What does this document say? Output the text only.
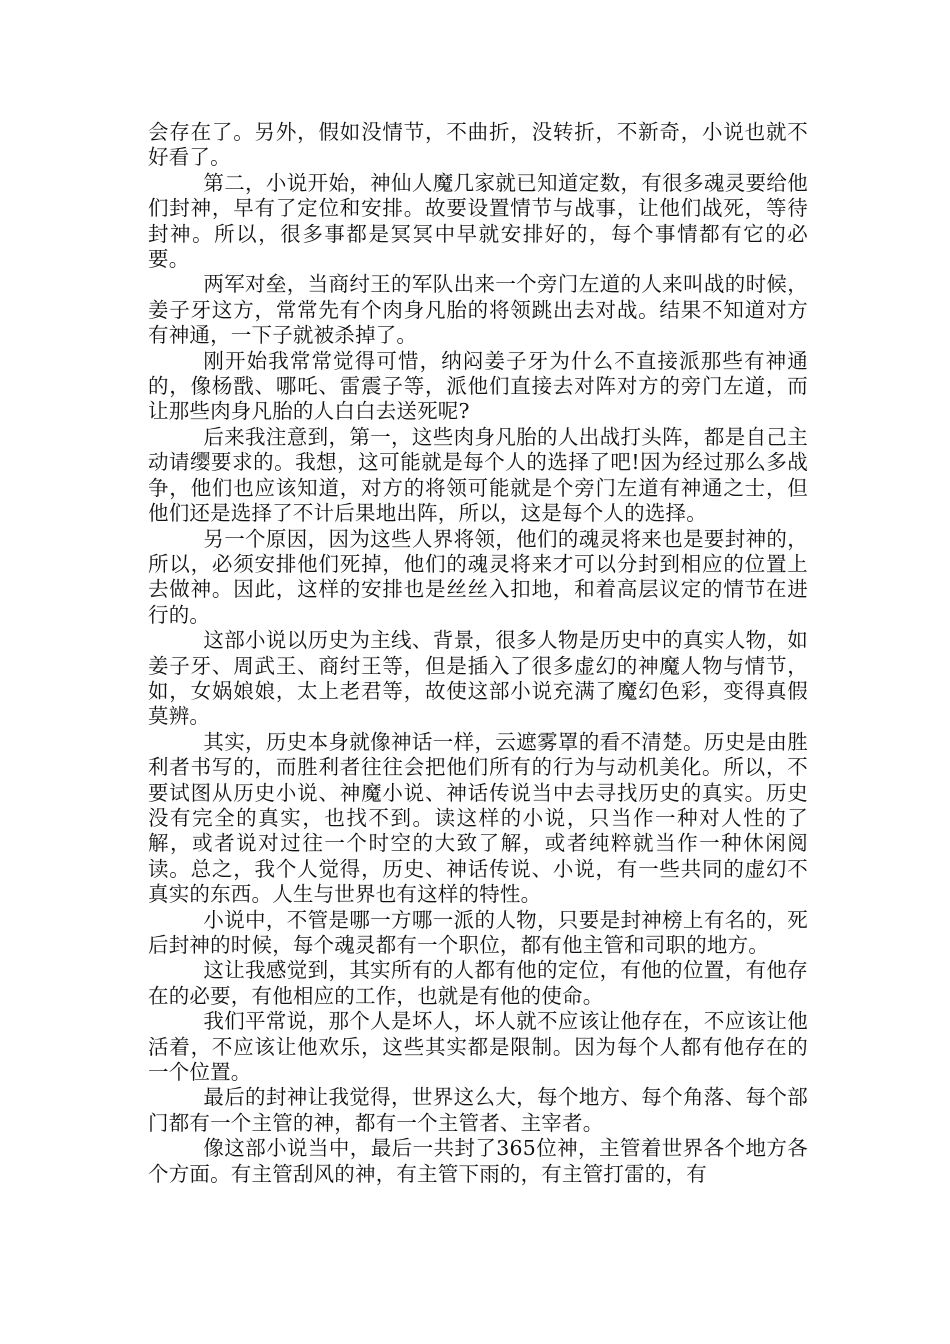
会存在了。另外，假如没情节，不曲折，没转折，不新奇，小说也就不好看了。

第二，小说开始，神仙人魔几家就已知道定数，有很多魂灵要给他们封神，早有了定位和安排。故要设置情节与战事，让他们战死，等待封神。所以，很多事都是冥冥中早就安排好的，每个事情都有它的必要。

两军对垒，当商纣王的军队出来一个旁门左道的人来叫战的时候，姜子牙这方，常常先有个肉身凡胎的将领跳出去对战。结果不知道对方有神通，一下子就被杀掉了。

刚开始我常常觉得可惜，纳闷姜子牙为什么不直接派那些有神通的，像杨戬、哪吒、雷震子等，派他们直接去对阵对方的旁门左道，而让那些肉身凡胎的人白白去送死呢?

后来我注意到，第一，这些肉身凡胎的人出战打头阵，都是自己主动请缨要求的。我想，这可能就是每个人的选择了吧!因为经过那么多战争，他们也应该知道，对方的将领可能就是个旁门左道有神通之士，但他们还是选择了不计后果地出阵，所以，这是每个人的选择。

另一个原因，因为这些人界将领，他们的魂灵将来也是要封神的，所以，必须安排他们死掉，他们的魂灵将来才可以分封到相应的位置上去做神。因此，这样的安排也是丝丝入扣地，和着高层议定的情节在进行的。

这部小说以历史为主线、背景，很多人物是历史中的真实人物，如姜子牙、周武王、商纣王等，但是插入了很多虚幻的神魔人物与情节，如，女娲娘娘，太上老君等，故使这部小说充满了魔幻色彩，变得真假莫辨。

其实，历史本身就像神话一样，云遮雾罩的看不清楚。历史是由胜利者书写的，而胜利者往往会把他们所有的行为与动机美化。所以，不要试图从历史小说、神魔小说、神话传说当中去寻找历史的真实。历史没有完全的真实，也找不到。读这样的小说，只当作一种对人性的了解，或者说对过往一个时空的大致了解，或者纯粹就当作一种休闲阅读。总之，我个人觉得，历史、神话传说、小说，有一些共同的虚幻不真实的东西。人生与世界也有这样的特性。

小说中，不管是哪一方哪一派的人物，只要是封神榜上有名的，死后封神的时候，每个魂灵都有一个职位，都有他主管和司职的地方。

这让我感觉到，其实所有的人都有他的定位，有他的位置，有他存在的必要，有他相应的工作，也就是有他的使命。

我们平常说，那个人是坏人，坏人就不应该让他存在，不应该让他活着，不应该让他欢乐，这些其实都是限制。因为每个人都有他存在的一个位置。

最后的封神让我觉得，世界这么大，每个地方、每个角落、每个部门都有一个主管的神，都有一个主管者、主宰者。

像这部小说当中，最后一共封了365位神，主管着世界各个地方各个方面。有主管刮风的神，有主管下雨的，有主管打雷的，有
